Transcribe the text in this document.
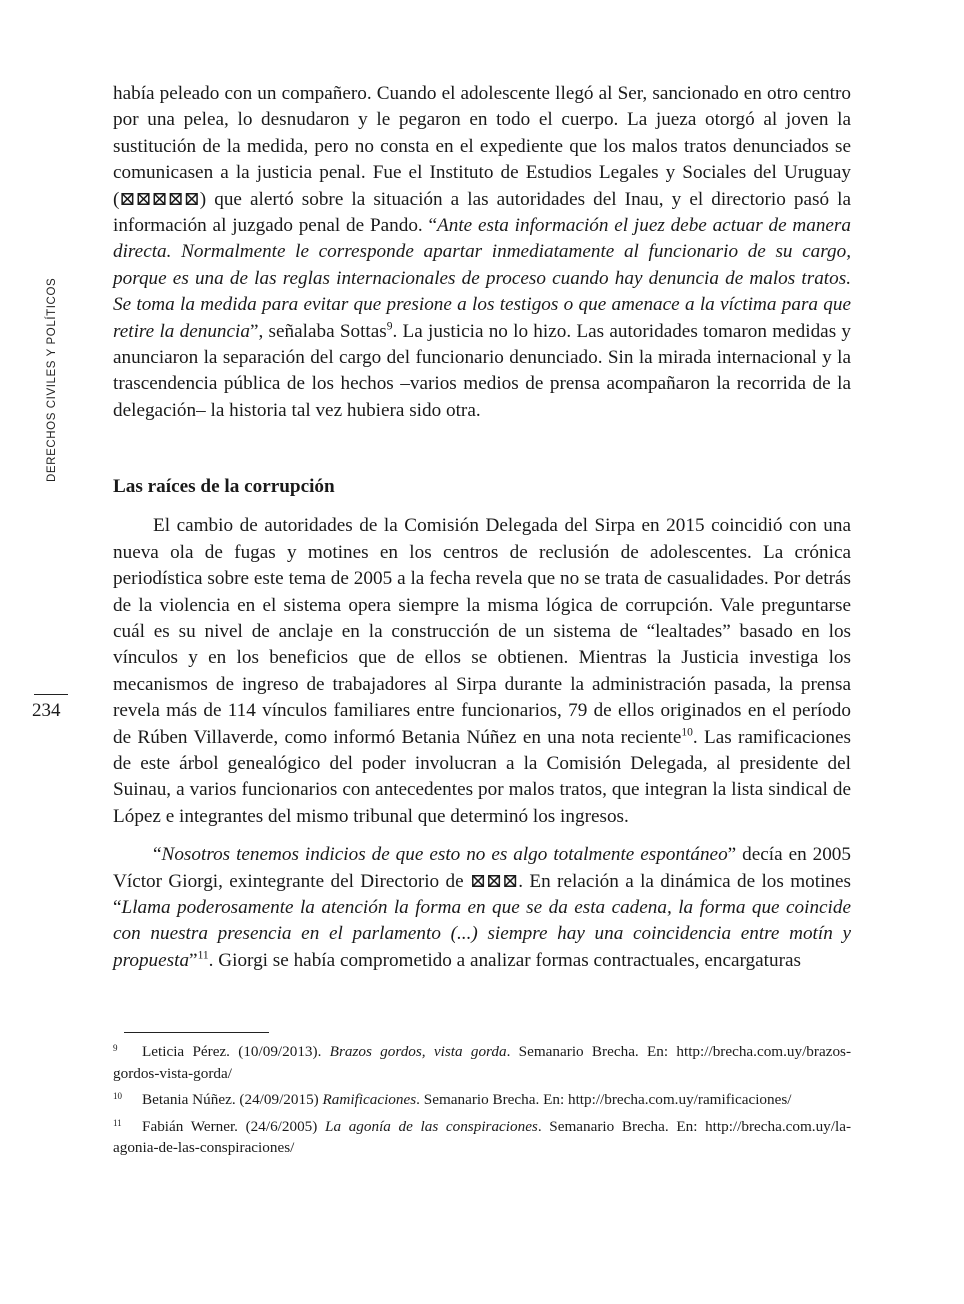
DERECHOS CIVILES Y POLÍTICOS
234

había peleado con un compañero. Cuando el adolescente llegó al Ser, sancionado en otro centro por una pelea, lo desnudaron y le pegaron en todo el cuerpo. La jueza otorgó al joven la sustitución de la medida, pero no consta en el expediente que los malos tratos denunciados se comunicasen a la justicia penal. Fue el Instituto de Estudios Legales y Sociales del Uruguay (⊠⊠⊠⊠⊠) que alertó sobre la situación a las autoridades del Inau, y el directorio pasó la información al juzgado penal de Pando. “Ante esta información el juez debe actuar de manera directa. Normalmente le corresponde apartar inmediatamente al funcionario de su cargo, porque es una de las reglas internacionales de proceso cuando hay denuncia de malos tratos. Se toma la medida para evitar que presione a los testigos o que amenace a la víctima para que retire la denuncia”, señalaba Sottas$^9$. La justicia no lo hizo. Las autoridades tomaron medidas y anunciaron la separación del cargo del funcionario denunciado. Sin la mirada internacional y la trascendencia pública de los hechos –varios medios de prensa acompañaron la recorrida de la delegación– la historia tal vez hubiera sido otra.

Las raíces de la corrupción

El cambio de autoridades de la Comisión Delegada del Sirpa en 2015 coincidió con una nueva ola de fugas y motines en los centros de reclusión de adolescentes. La crónica periodística sobre este tema de 2005 a la fecha revela que no se trata de casualidades. Por detrás de la violencia en el sistema opera siempre la misma lógica de corrupción. Vale preguntarse cuál es su nivel de anclaje en la construcción de un sistema de “lealtades” basado en los vínculos y en los beneficios que de ellos se obtienen. Mientras la Justicia investiga los mecanismos de ingreso de trabajadores al Sirpa durante la administración pasada, la prensa revela más de 114 vínculos familiares entre funcionarios, 79 de ellos originados en el período de Rúben Villaverde, como informó Betania Núñez en una nota reciente$^{10}$. Las ramificaciones de este árbol genealógico del poder involucran a la Comisión Delegada, al presidente del Suinau, a varios funcionarios con antecedentes por malos tratos, que integran la lista sindical de López e integrantes del mismo tribunal que determinó los ingresos.

“Nosotros tenemos indicios de que esto no es algo totalmente espontáneo” decía en 2005 Víctor Giorgi, exintegrante del Directorio de ⊠⊠⊠. En relación a la dinámica de los motines “Llama poderosamente la atención la forma en que se da esta cadena, la forma que coincide con nuestra presencia en el parlamento (...) siempre hay una coincidencia entre motín y propuesta”$^{11}$. Giorgi se había comprometido a analizar formas contractuales, encargaturas

9 Leticia Pérez. (10/09/2013). Brazos gordos, vista gorda. Semanario Brecha. En: http://brecha.com.uy/brazos-gordos-vista-gorda/

10 Betania Núñez. (24/09/2015) Ramificaciones. Semanario Brecha. En: http://brecha.com.uy/ramificaciones/

11 Fabián Werner. (24/6/2005) La agonía de las conspiraciones. Semanario Brecha. En: http://brecha.com.uy/la-agonia-de-las-conspiraciones/
